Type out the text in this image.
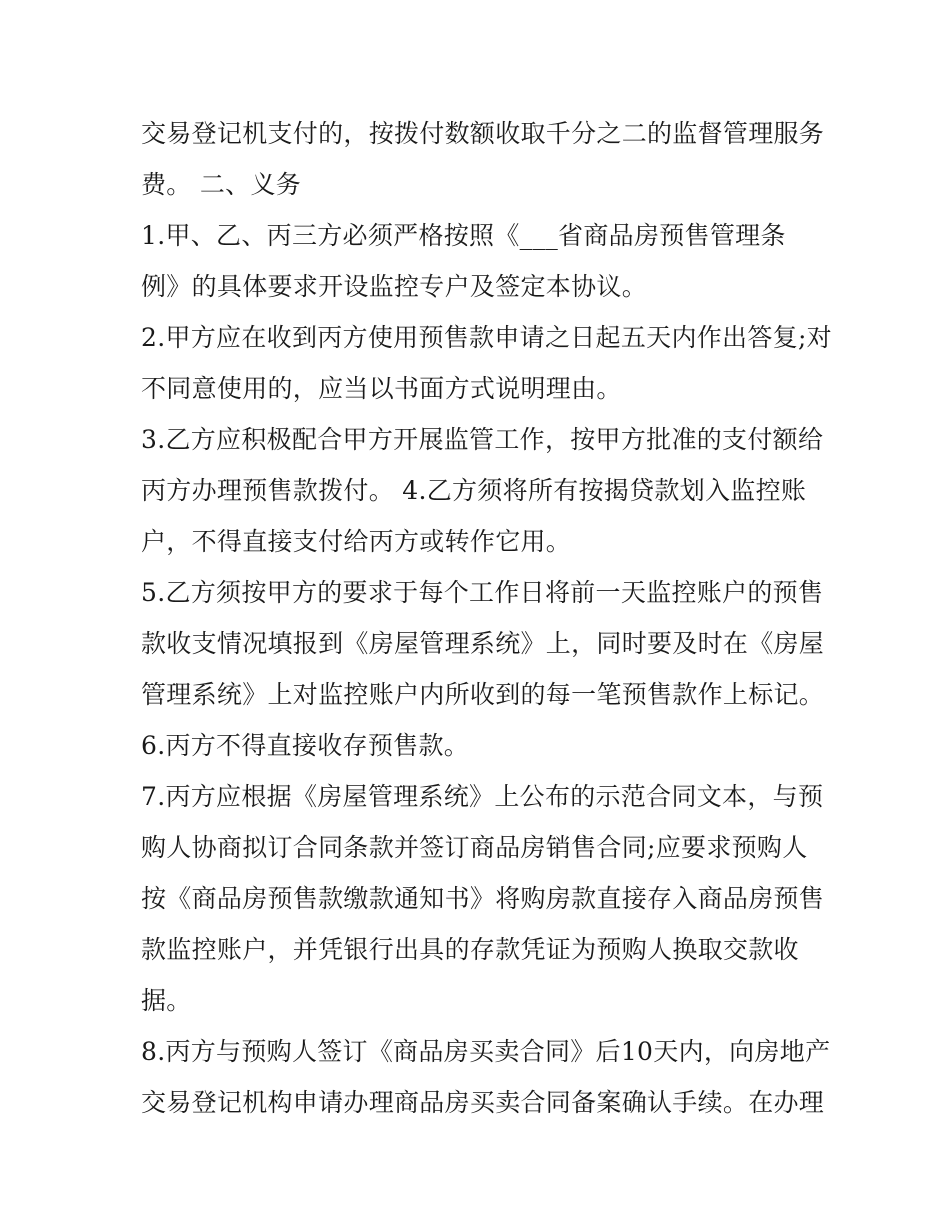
交易登记机支付的，按拨付数额收取千分之二的监督管理服务
费。 二、义务
1.甲、乙、丙三方必须严格按照《___省商品房预售管理条
例》的具体要求开设监控专户及签定本协议。
2.甲方应在收到丙方使用预售款申请之日起五天内作出答复;对
不同意使用的，应当以书面方式说明理由。
3.乙方应积极配合甲方开展监管工作，按甲方批准的支付额给
丙方办理预售款拨付。 4.乙方须将所有按揭贷款划入监控账
户，不得直接支付给丙方或转作它用。
5.乙方须按甲方的要求于每个工作日将前一天监控账户的预售
款收支情况填报到《房屋管理系统》上，同时要及时在《房屋
管理系统》上对监控账户内所收到的每一笔预售款作上标记。
6.丙方不得直接收存预售款。
7.丙方应根据《房屋管理系统》上公布的示范合同文本，与预
购人协商拟订合同条款并签订商品房销售合同;应要求预购人
按《商品房预售款缴款通知书》将购房款直接存入商品房预售
款监控账户，并凭银行出具的存款凭证为预购人换取交款收
据。
8.丙方与预购人签订《商品房买卖合同》后10天内，向房地产
交易登记机构申请办理商品房买卖合同备案确认手续。在办理
